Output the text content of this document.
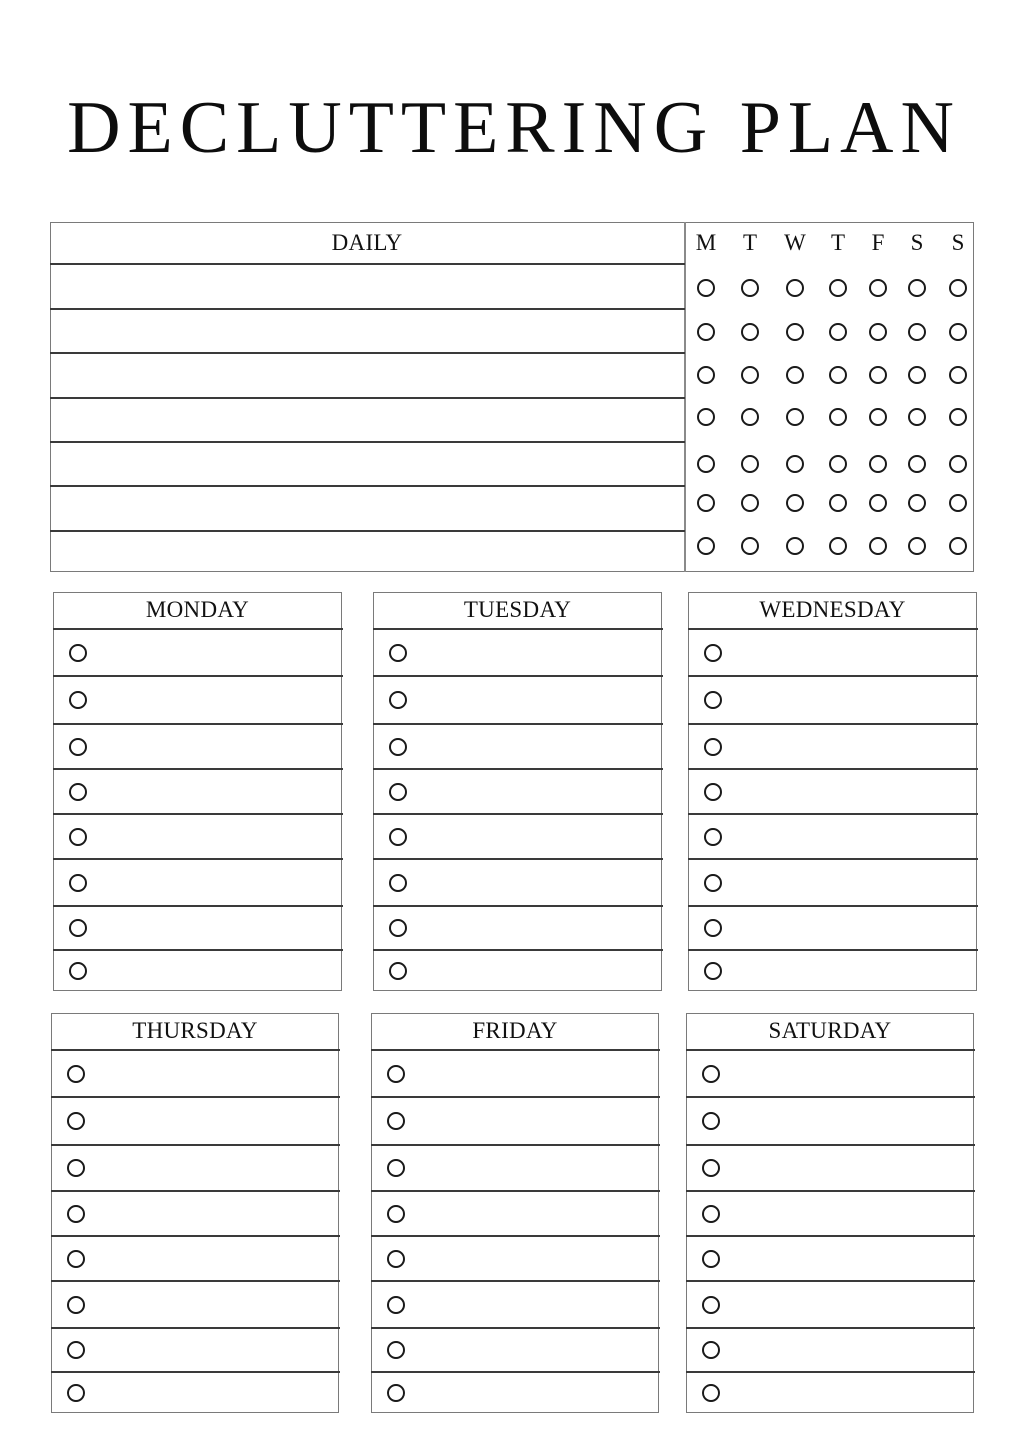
DECLUTTERING PLAN
DAILY	M	T	W	T	F	S	S
MONDAY	TUESDAY	WEDNESDAY
THURSDAY	FRIDAY	SATURDAY
